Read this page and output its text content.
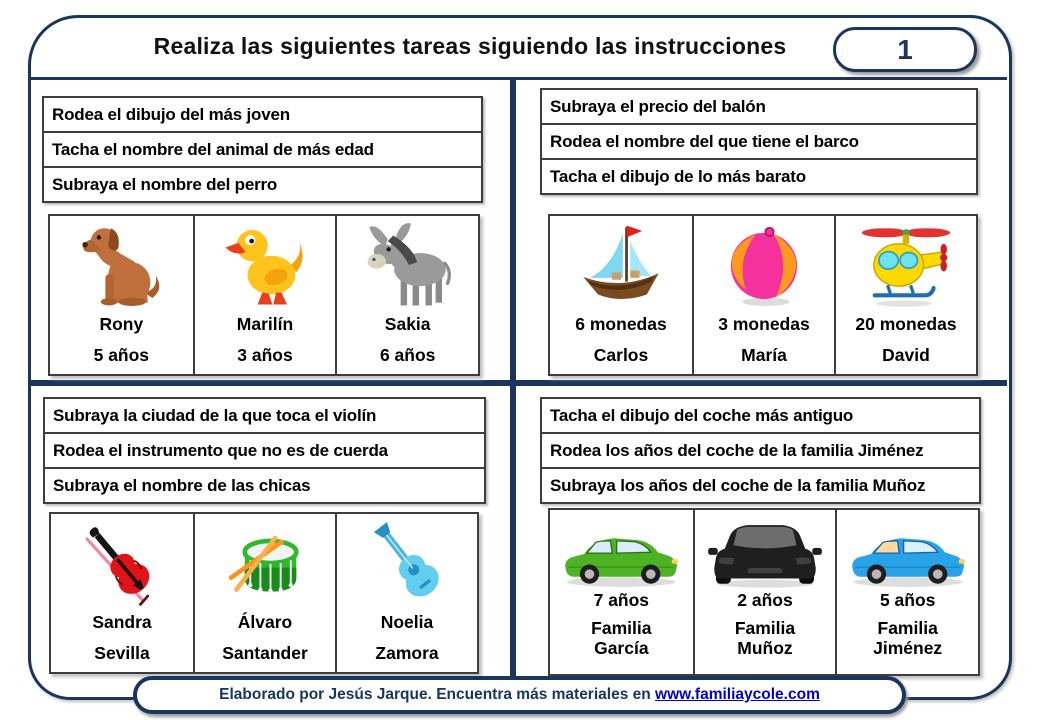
Realiza las siguientes tareas siguiendo las instrucciones	1
Rodea el dibujo del más joven
Tacha el nombre del animal de más edad
Subraya el nombre del perro
Rony
5 años
Marilín
3 años
Sakia
6 años
Subraya el precio del balón
Rodea el nombre del que tiene el barco
Tacha el dibujo de lo más barato
6 monedas
Carlos
3 monedas
María
20 monedas
David
Subraya la ciudad de la que toca el violín
Rodea el instrumento que no es de cuerda
Subraya el nombre de las chicas
Sandra
Sevilla
Álvaro
Santander
Noelia
Zamora
Tacha el dibujo del coche más antiguo
Rodea los años del coche de la familia Jiménez
Subraya los años del coche de la familia Muñoz
7 años
Familia García
2 años
Familia Muñoz
5 años
Familia Jiménez
Elaborado por Jesús Jarque. Encuentra más materiales en www.familiaycole.com
